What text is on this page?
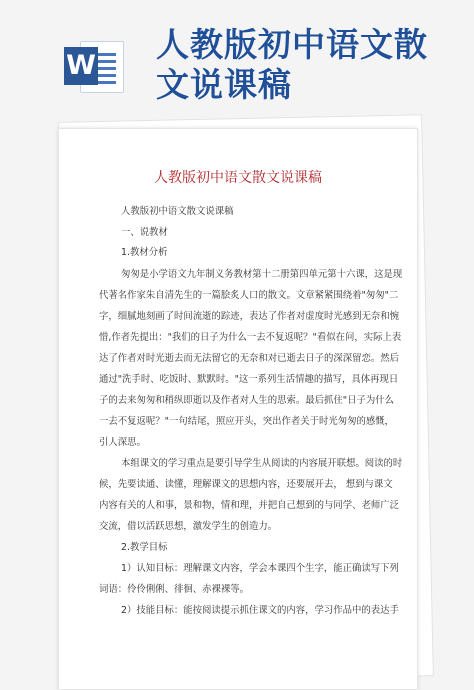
W
人教版初中语文散
文说课稿
人教版初中语文散文说课稿

人教版初中语文散文说课稿

一、说教材

1.教材分析

匆匆是小学语文九年制义务教材第十二册第四单元第十六课，这是现

代著名作家朱自清先生的一篇脍炙人口的散文。文章紧紧围绕着"匆匆"二

字，细腻地刻画了时间流逝的踪迹，表达了作者对虚度时光感到无奈和惋

惜,作者先提出："我们的日子为什么一去不复返呢？"看似在问，实际上表

达了作者对时光逝去而无法留它的无奈和对已逝去日子的深深留恋。然后

通过"洗手时、吃饭时、默默时。"这一系列生活情趣的描写，具体再现日

子的去来匆匆和稍纵即逝以及作者对人生的思索。最后抓住"日子为什么

一去不复返呢？"一句结尾，照应开头，突出作者关于时光匆匆的感慨，

引人深思。

本组课文的学习重点是要引导学生从阅读的内容展开联想。阅读的时

候，先要读通、读懂，理解课文的思想内容，还要展开去， 想到与课文

内容有关的人和事，景和物，情和理，并把自己想到的与同学、老师广泛

交流，借以活跃思想，激发学生的创造力。

2.教学目标

1）认知目标：理解课文内容，学会本课四个生字，能正确读写下列

词语：伶伶俐俐、徘徊、赤裸裸等。

2）技能目标：能按阅读提示抓住课文的内容，学习作品中的表达手
